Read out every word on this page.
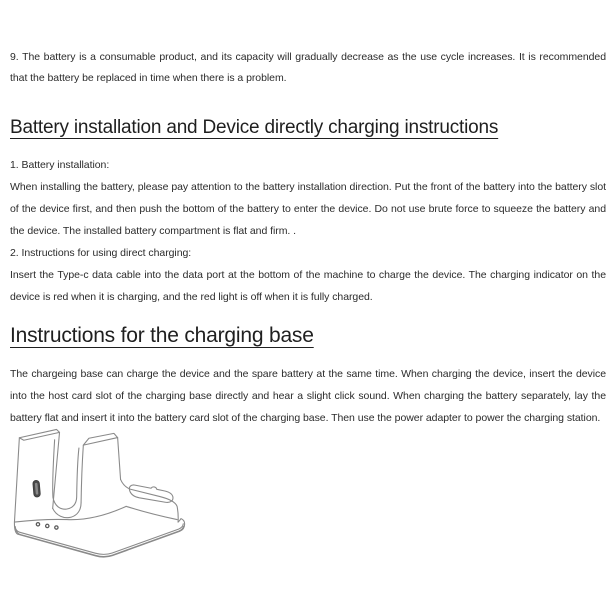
9. The battery is a consumable product, and its capacity will gradually decrease as the use cycle increases. It is recommended that the battery be replaced in time when there is a problem.

Battery installation and Device directly charging instructions

1. Battery installation:

When installing the battery, please pay attention to the battery installation direction. Put the front of the battery into the battery slot of the device first, and then push the bottom of the battery to enter the device. Do not use brute force to squeeze the battery and the device. The installed battery compartment is flat and firm. .

2. Instructions for using direct charging:

Insert the Type-c data cable into the data port at the bottom of the machine to charge the device. The charging indicator on the device is red when it is charging, and the red light is off when it is fully charged.

Instructions for the charging base

The chargeing base can charge the device and the spare battery at the same time. When charging the device, insert the device into the host card slot of the charging base directly and hear a slight click sound. When charging the battery separately, lay the battery flat and insert it into the battery card slot of the charging base. Then use the power adapter to power the charging station.
